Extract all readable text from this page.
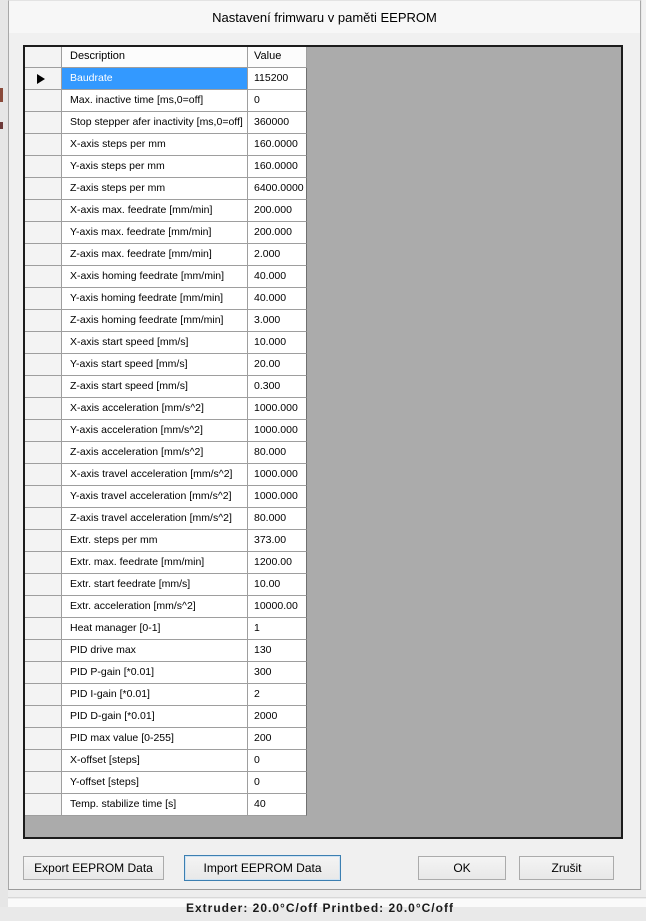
Nastavení frimwaru v paměti EEPROM
Description	Value
Baudrate	115200
Max. inactive time [ms,0=off]	0
Stop stepper afer inactivity [ms,0=off]	360000
X-axis steps per mm	160.0000
Y-axis steps per mm	160.0000
Z-axis steps per mm	6400.0000
X-axis max. feedrate [mm/min]	200.000
Y-axis max. feedrate [mm/min]	200.000
Z-axis max. feedrate [mm/min]	2.000
X-axis homing feedrate [mm/min]	40.000
Y-axis homing feedrate [mm/min]	40.000
Z-axis homing feedrate [mm/min]	3.000
X-axis start speed [mm/s]	10.000
Y-axis start speed [mm/s]	20.00
Z-axis start speed [mm/s]	0.300
X-axis acceleration [mm/s^2]	1000.000
Y-axis acceleration [mm/s^2]	1000.000
Z-axis acceleration [mm/s^2]	80.000
X-axis travel acceleration [mm/s^2]	1000.000
Y-axis travel acceleration [mm/s^2]	1000.000
Z-axis travel acceleration [mm/s^2]	80.000
Extr. steps per mm	373.00
Extr. max. feedrate [mm/min]	1200.00
Extr. start feedrate [mm/s]	10.00
Extr. acceleration [mm/s^2]	10000.00
Heat manager [0-1]	1
PID drive max	130
PID P-gain [*0.01]	300
PID I-gain [*0.01]	2
PID D-gain [*0.01]	2000
PID max value [0-255]	200
X-offset [steps]	0
Y-offset [steps]	0
Temp. stabilize time [s]	40
Export EEPROM Data	Import EEPROM Data	OK	Zrušit
Extruder: 20.0°C/off Printbed: 20.0°C/off
